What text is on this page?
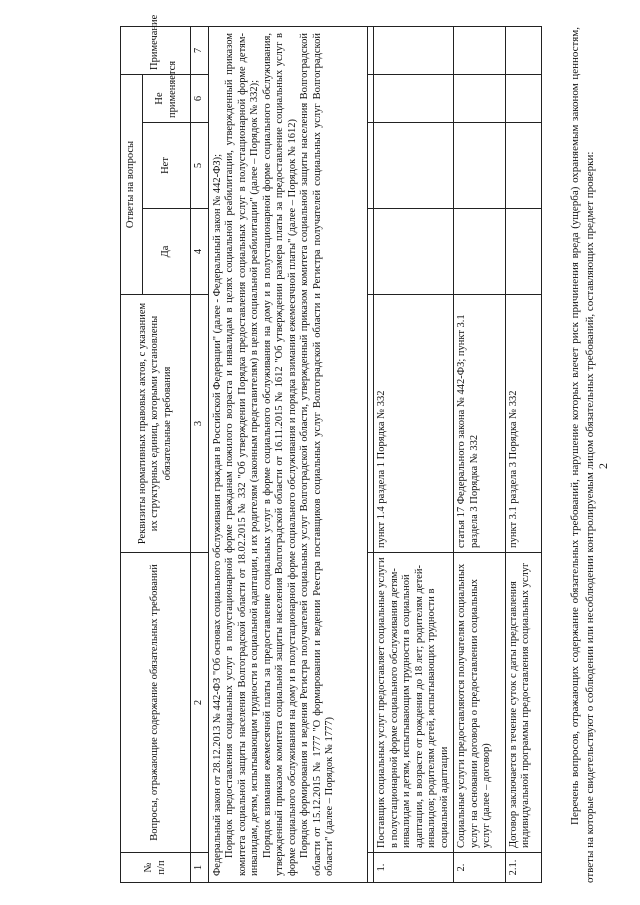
2

Перечень вопросов, отражающих содержание обязательных требований, нарушение которых влечет риск причинения вреда (ущерба) охраняемым законом ценностям, ответы на которые свидетельствуют о соблюдении или несоблюдении контролируемым лицом обязательных требований, составляющих предмет проверки:

№ п/п	Вопросы, отражающие содержание обязательных требований	Реквизиты нормативных правовых актов, с указанием их структурных единиц, которыми установлены обязательные требования	Ответы на вопросы			Примечание
			Да	Нет	Не применяется	
1	2	3	4	5	6	7

Федеральный закон от 28.12.2013 № 442-ФЗ "Об основах социального обслуживания граждан в Российской Федерации" (далее - Федеральный закон № 442-ФЗ); Порядок предоставления социальных услуг в полустационарной форме гражданам пожилого возраста и инвалидам в целях социальной реабилитации, утвержденный приказом комитета социальной защиты населения Волгоградской области от 18.02.2015 № 332 "Об утверждении Порядка предоставления социальных услуг в полустационарной форме детям-инвалидам, детям, испытывающим трудности в социальной адаптации, и их родителям (законным представителям) в целях социальной реабилитации" (далее – Порядок № 332); Порядок взимания ежемесячной платы за предоставление социальных услуг в форме социального обслуживания на дому и в полустационарной форме социального обслуживания, утвержденный приказом комитета социальной защиты населения Волгоградской области от 16.11.2015 № 1612 "Об утверждении размера платы за предоставление социальных услуг в форме социального обслуживания на дому и в полустационарной форме социального обслуживания и порядка взимания ежемесячной платы" (далее – Порядок № 1612) Порядок формирования и ведения Регистра получателей социальных услуг Волгоградской области, утвержденный приказом комитета социальной защиты населения Волгоградской области от 15.12.2015 № 1777 "О формировании и ведении Реестра поставщиков социальных услуг Волгоградской области и Регистра получателей социальных услуг Волгоградской области" (далее – Порядок № 1777)						

1.	Поставщик социальных услуг предоставляет социальные услуги в полустационарной форме социального обслуживания детям-инвалидам и детям, испытывающим трудности в социальной адаптации, в возрасте от рождения до 18 лет; родителям детей-инвалидов; родителям детей, испытывающих трудности в социальной адаптации	пункт 1.4 раздела 1 Порядка № 332				
2.	Социальные услуги предоставляются получателям социальных услуг на основании договора о предоставлении социальных услуг (далее – договор)	статья 17 Федерального закона № 442-ФЗ; пункт 3.1 раздела 3 Порядка № 332				
2.1.	Договор заключается в течение суток с даты представления индивидуальной программы предоставления социальных услуг	пункт 3.1 раздела 3 Порядка № 332				
